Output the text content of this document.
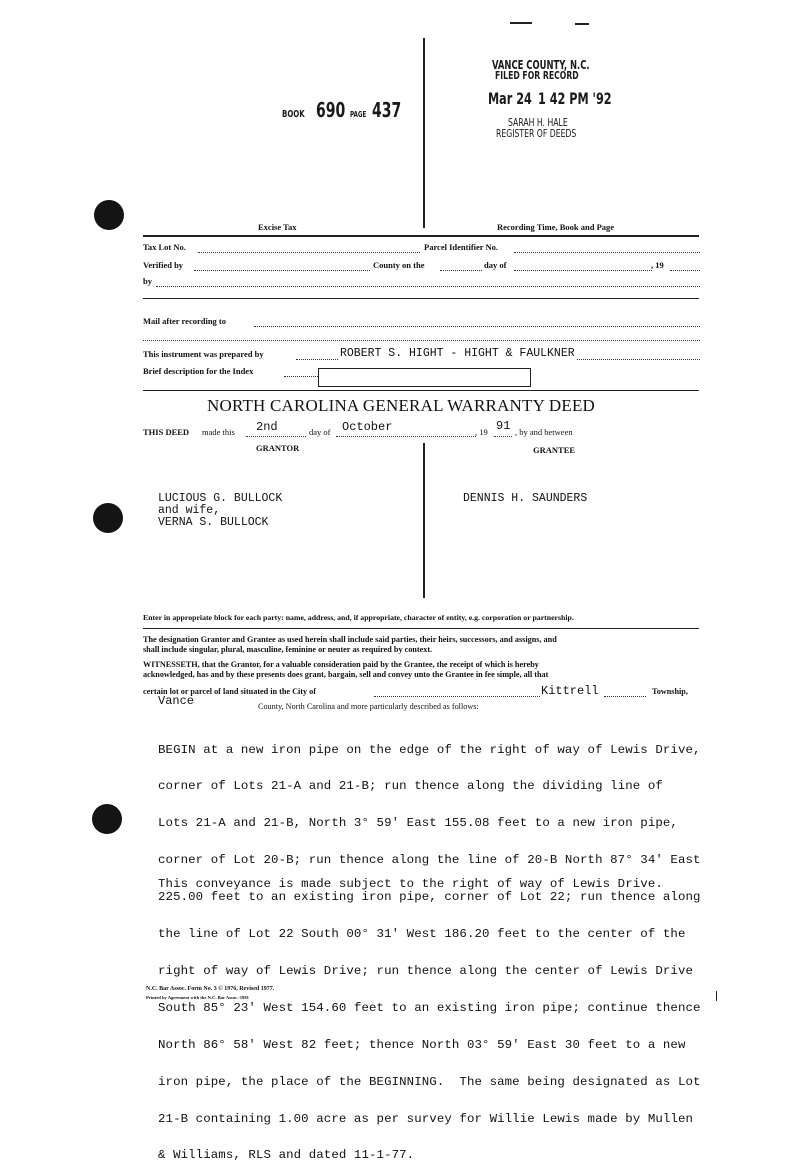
BOOK 690 PAGE 437
VANCE COUNTY, N.C.
FILED FOR RECORD
Mar 24 1 42 PM '92
SARAH H. HALE
REGISTER OF DEEDS
Excise Tax	Recording Time, Book and Page
Tax Lot No.	Parcel Identifier No.
Verified by	County on the	day of	, 19
by
Mail after recording to
This instrument was prepared by	ROBERT S. HIGHT - HIGHT & FAULKNER
Brief description for the Index
NORTH CAROLINA GENERAL WARRANTY DEED
THIS DEED made this 2nd	day of October	, 19 91 , by and between
GRANTOR	GRANTEE
LUCIOUS G. BULLOCK
and wife,
VERNA S. BULLOCK
DENNIS H. SAUNDERS
Enter in appropriate block for each party: name, address, and, if appropriate, character of entity, e.g. corporation or partnership.
The designation Grantor and Grantee as used herein shall include said parties, their heirs, successors, and assigns, and
shall include singular, plural, masculine, feminine or neuter as required by context.
WITNESSETH, that the Grantor, for a valuable consideration paid by the Grantee, the receipt of which is hereby
acknowledged, has and by these presents does grant, bargain, sell and convey unto the Grantee in fee simple, all that
certain lot or parcel of land situated in the City of	Kittrell	Township,
Vance	County, North Carolina and more particularly described as follows:

BEGIN at a new iron pipe on the edge of the right of way of Lewis Drive,

corner of Lots 21-A and 21-B; run thence along the dividing line of

Lots 21-A and 21-B, North 3° 59' East 155.08 feet to a new iron pipe,

corner of Lot 20-B; run thence along the line of 20-B North 87° 34' East

225.00 feet to an existing iron pipe, corner of Lot 22; run thence along

the line of Lot 22 South 00° 31' West 186.20 feet to the center of the

right of way of Lewis Drive; run thence along the center of Lewis Drive

South 85° 23' West 154.60 feet to an existing iron pipe; continue thence

North 86° 58' West 82 feet; thence North 03° 59' East 30 feet to a new

iron pipe, the place of the BEGINNING.  The same being designated as Lot

21-B containing 1.00 acre as per survey for Willie Lewis made by Mullen

& Williams, RLS and dated 11-1-77.

This conveyance is made subject to the right of way of Lewis Drive.
N.C. Bar Assoc. Form No. 3 © 1976, Revised 1977.
Printed by Agreement with the N.C. Bar Assoc.-1981
